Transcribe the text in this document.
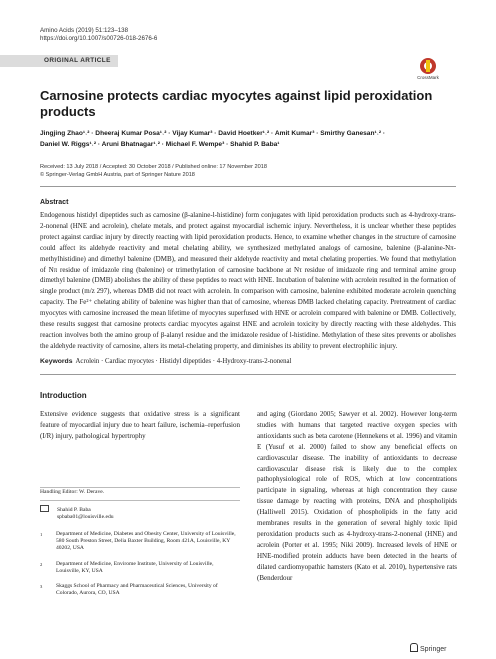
Amino Acids (2019) 51:123–138
https://doi.org/10.1007/s00726-018-2676-6
ORIGINAL ARTICLE
CrossMark
Carnosine protects cardiac myocytes against lipid peroxidation products
Jingjing Zhao¹˒² · Dheeraj Kumar Posa¹˒² · Vijay Kumar³ · David Hoetker¹˒² · Amit Kumar³ · Smirthy Ganesan¹˒² ·
Daniel W. Riggs¹˒² · Aruni Bhatnagar¹˒² · Michael F. Wempe³ · Shahid P. Baba¹
Received: 13 July 2018 / Accepted: 30 October 2018 / Published online: 17 November 2018
© Springer-Verlag GmbH Austria, part of Springer Nature 2018
Abstract
Endogenous histidyl dipeptides such as carnosine (β-alanine-l-histidine) form conjugates with lipid peroxidation products such as 4-hydroxy-trans-2-nonenal (HNE and acrolein), chelate metals, and protect against myocardial ischemic injury. Nevertheless, it is unclear whether these peptides protect against cardiac injury by directly reacting with lipid peroxidation products. Hence, to examine whether changes in the structure of carnosine could affect its aldehyde reactivity and metal chelating ability, we synthesized methylated analogs of carnosine, balenine (β-alanine-Nπ-methylhistidine) and dimethyl balenine (DMB), and measured their aldehyde reactivity and metal chelating properties. We found that methylation of Nπ residue of imidazole ring (balenine) or trimethylation of carnosine backbone at Nτ residue of imidazole ring and terminal amine group dimethyl balenine (DMB) abolishes the ability of these peptides to react with HNE. Incubation of balenine with acrolein resulted in the formation of single product (m/z 297), whereas DMB did not react with acrolein. In comparison with carnosine, balenine exhibited moderate acrolein quenching capacity. The Fe²⁺ chelating ability of balenine was higher than that of carnosine, whereas DMB lacked chelating capacity. Pretreatment of cardiac myocytes with carnosine increased the mean lifetime of myocytes superfused with HNE or acrolein compared with balenine or DMB. Collectively, these results suggest that carnosine protects cardiac myocytes against HNE and acrolein toxicity by directly reacting with these aldehydes. This reaction involves both the amino group of β-alanyl residue and the imidazole residue of l-histidine. Methylation of these sites prevents or abolishes the aldehyde reactivity of carnosine, alters its metal-chelating property, and diminishes its ability to prevent electrophilic injury.
Keywords Acrolein · Cardiac myocytes · Histidyl dipeptides · 4-Hydroxy-trans-2-nonenal
Introduction
Extensive evidence suggests that oxidative stress is a significant feature of myocardial injury due to heart failure, ischemia–reperfusion (I/R) injury, pathological hypertrophy
Handling Editor: W. Derave.
Shahid P. Baba
spbaba01@louisville.edu
1 Department of Medicine, Diabetes and Obesity Center, University of Louisville, 580 South Preston Street, Delia Baxter Building, Room 421A, Louisville, KY 40202, USA
2 Department of Medicine, Envirome Institute, University of Louisville, Louisville, KY, USA
3 Skaggs School of Pharmacy and Pharmaceutical Sciences, University of Colorado, Aurora, CO, USA
and aging (Giordano 2005; Sawyer et al. 2002). However long-term studies with humans that targeted reactive oxygen species with antioxidants such as beta carotene (Hennekens et al. 1996) and vitamin E (Yusuf et al. 2000) failed to show any beneficial effects on cardiovascular disease. The inability of antioxidants to decrease cardiovascular disease risk is likely due to the complex pathophysiological role of ROS, which at low concentrations participate in signaling, whereas at high concentration they cause tissue damage by reacting with proteins, DNA and phospholipids (Halliwell 2015). Oxidation of phospholipids in the fatty acid membranes results in the generation of several highly toxic lipid peroxidation products such as 4-hydroxy-trans-2-nonenal (HNE) and acrolein (Porter et al. 1995; Niki 2009). Increased levels of HNE or HNE-modified protein adducts have been detected in the hearts of dilated cardiomyopathic hamsters (Kato et al. 2010), hypertensive rats (Benderdour
Springer
